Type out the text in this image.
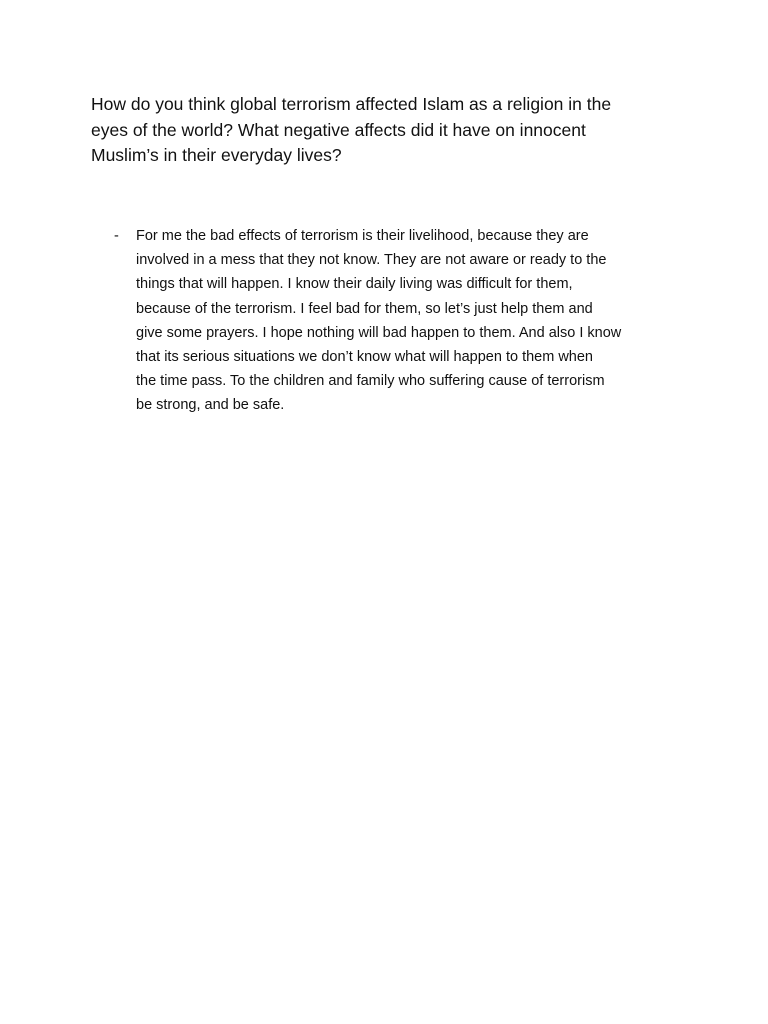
How do you think global terrorism affected Islam as a religion in the
eyes of the world? What negative affects did it have on innocent
Muslim’s in their everyday lives?
- For me the bad effects of terrorism is their livelihood, because they are
involved in a mess that they not know. They are not aware or ready to the
things that will happen. I know their daily living was difficult for them,
because of the terrorism. I feel bad for them, so let’s just help them and
give some prayers. I hope nothing will bad happen to them. And also I know
that its serious situations we don’t know what will happen to them when
the time pass. To the children and family who suffering cause of terrorism
be strong, and be safe.
